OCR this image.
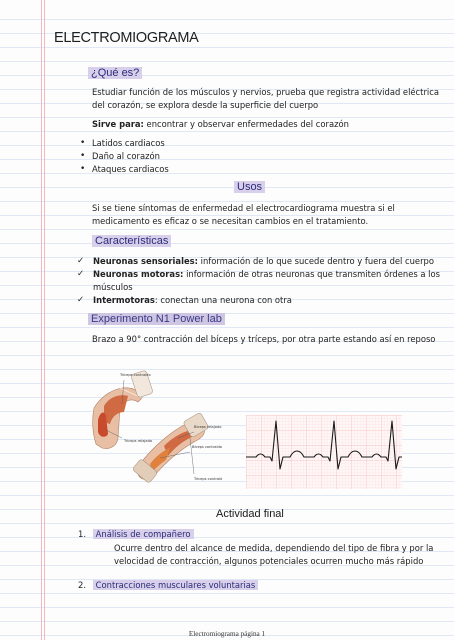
ELECTROMIOGRAMA
¿Qué es?
Estudiar función de los músculos y nervios, prueba que registra actividad eléctrica del corazón, se explora desde la superficie del cuerpo
Sirve para: encontrar y observar enfermedades del corazón
• Latidos cardiacos
• Daño al corazón
• Ataques cardiacos
Usos
Si se tiene síntomas de enfermedad el electrocardiograma muestra si el medicamento es eficaz o se necesitan cambios en el tratamiento.
Características
✓ Neuronas sensoriales: información de lo que sucede dentro y fuera del cuerpo
✓ Neuronas motoras: información de otras neuronas que transmiten órdenes a los músculos
✓ Intermotoras: conectan una neurona con otra
Experimento N1 Power lab
Brazo a 90° contracción del bíceps y tríceps, por otra parte estando así en reposo
Tríceps contraído
Tríceps relajado
Bíceps relajado
Bíceps contraído
Tríceps contraído
Actividad final
1. Análisis de compañero
Ocurre dentro del alcance de medida, dependiendo del tipo de fibra y por la velocidad de contracción, algunos potenciales ocurren mucho más rápido
2. Contracciones musculares voluntarias
Electromiograma página 1
